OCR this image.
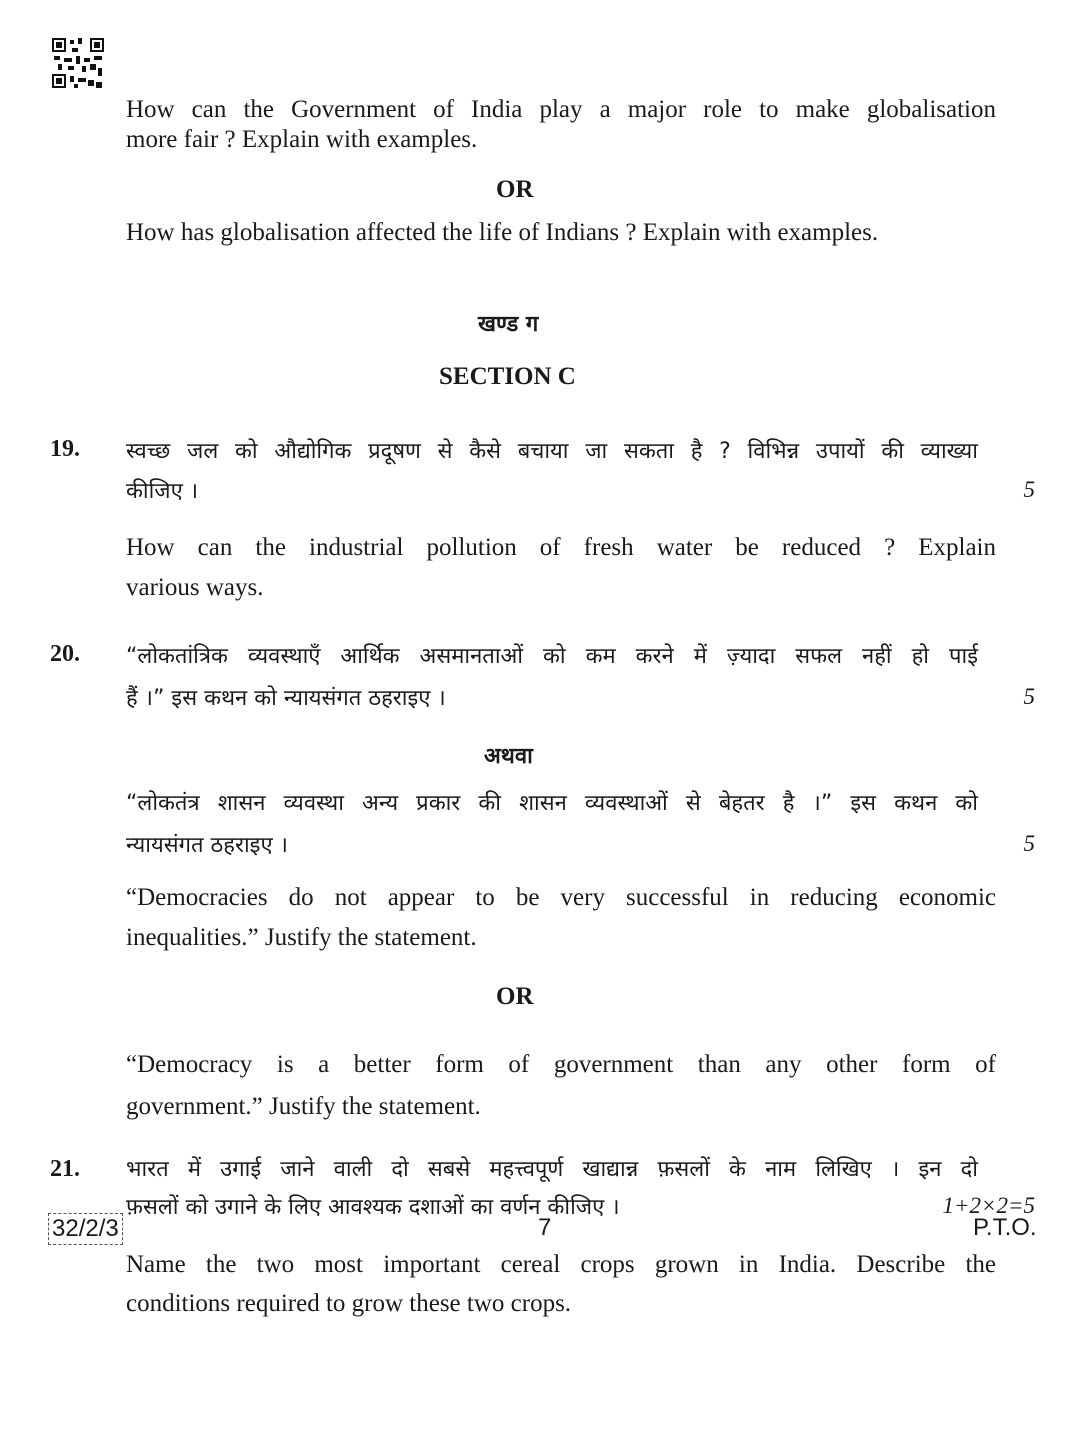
How can the Government of India play a major role to make globalisation
more fair ? Explain with examples.
OR
How has globalisation affected the life of Indians ? Explain with examples.
खण्ड ग
SECTION C
19. स्वच्छ जल को औद्योगिक प्रदूषण से कैसे बचाया जा सकता है ? विभिन्न उपायों की व्याख्या
कीजिए ।	5
How can the industrial pollution of fresh water be reduced ? Explain
various ways.
20. “लोकतांत्रिक व्यवस्थाएँ आर्थिक असमानताओं को कम करने में ज़्यादा सफल नहीं हो पाई
हैं ।” इस कथन को न्यायसंगत ठहराइए ।	5
अथवा
“लोकतंत्र शासन व्यवस्था अन्य प्रकार की शासन व्यवस्थाओं से बेहतर है ।” इस कथन को
न्यायसंगत ठहराइए ।	5
“Democracies do not appear to be very successful in reducing economic
inequalities.” Justify the statement.
OR
“Democracy is a better form of government than any other form of
government.” Justify the statement.
21. भारत में उगाई जाने वाली दो सबसे महत्त्वपूर्ण खाद्यान्न फ़सलों के नाम लिखिए । इन दो
फ़सलों को उगाने के लिए आवश्यक दशाओं का वर्णन कीजिए ।	1+2×2=5
Name the two most important cereal crops grown in India. Describe the
conditions required to grow these two crops.
32/2/3	7	P.T.O.
